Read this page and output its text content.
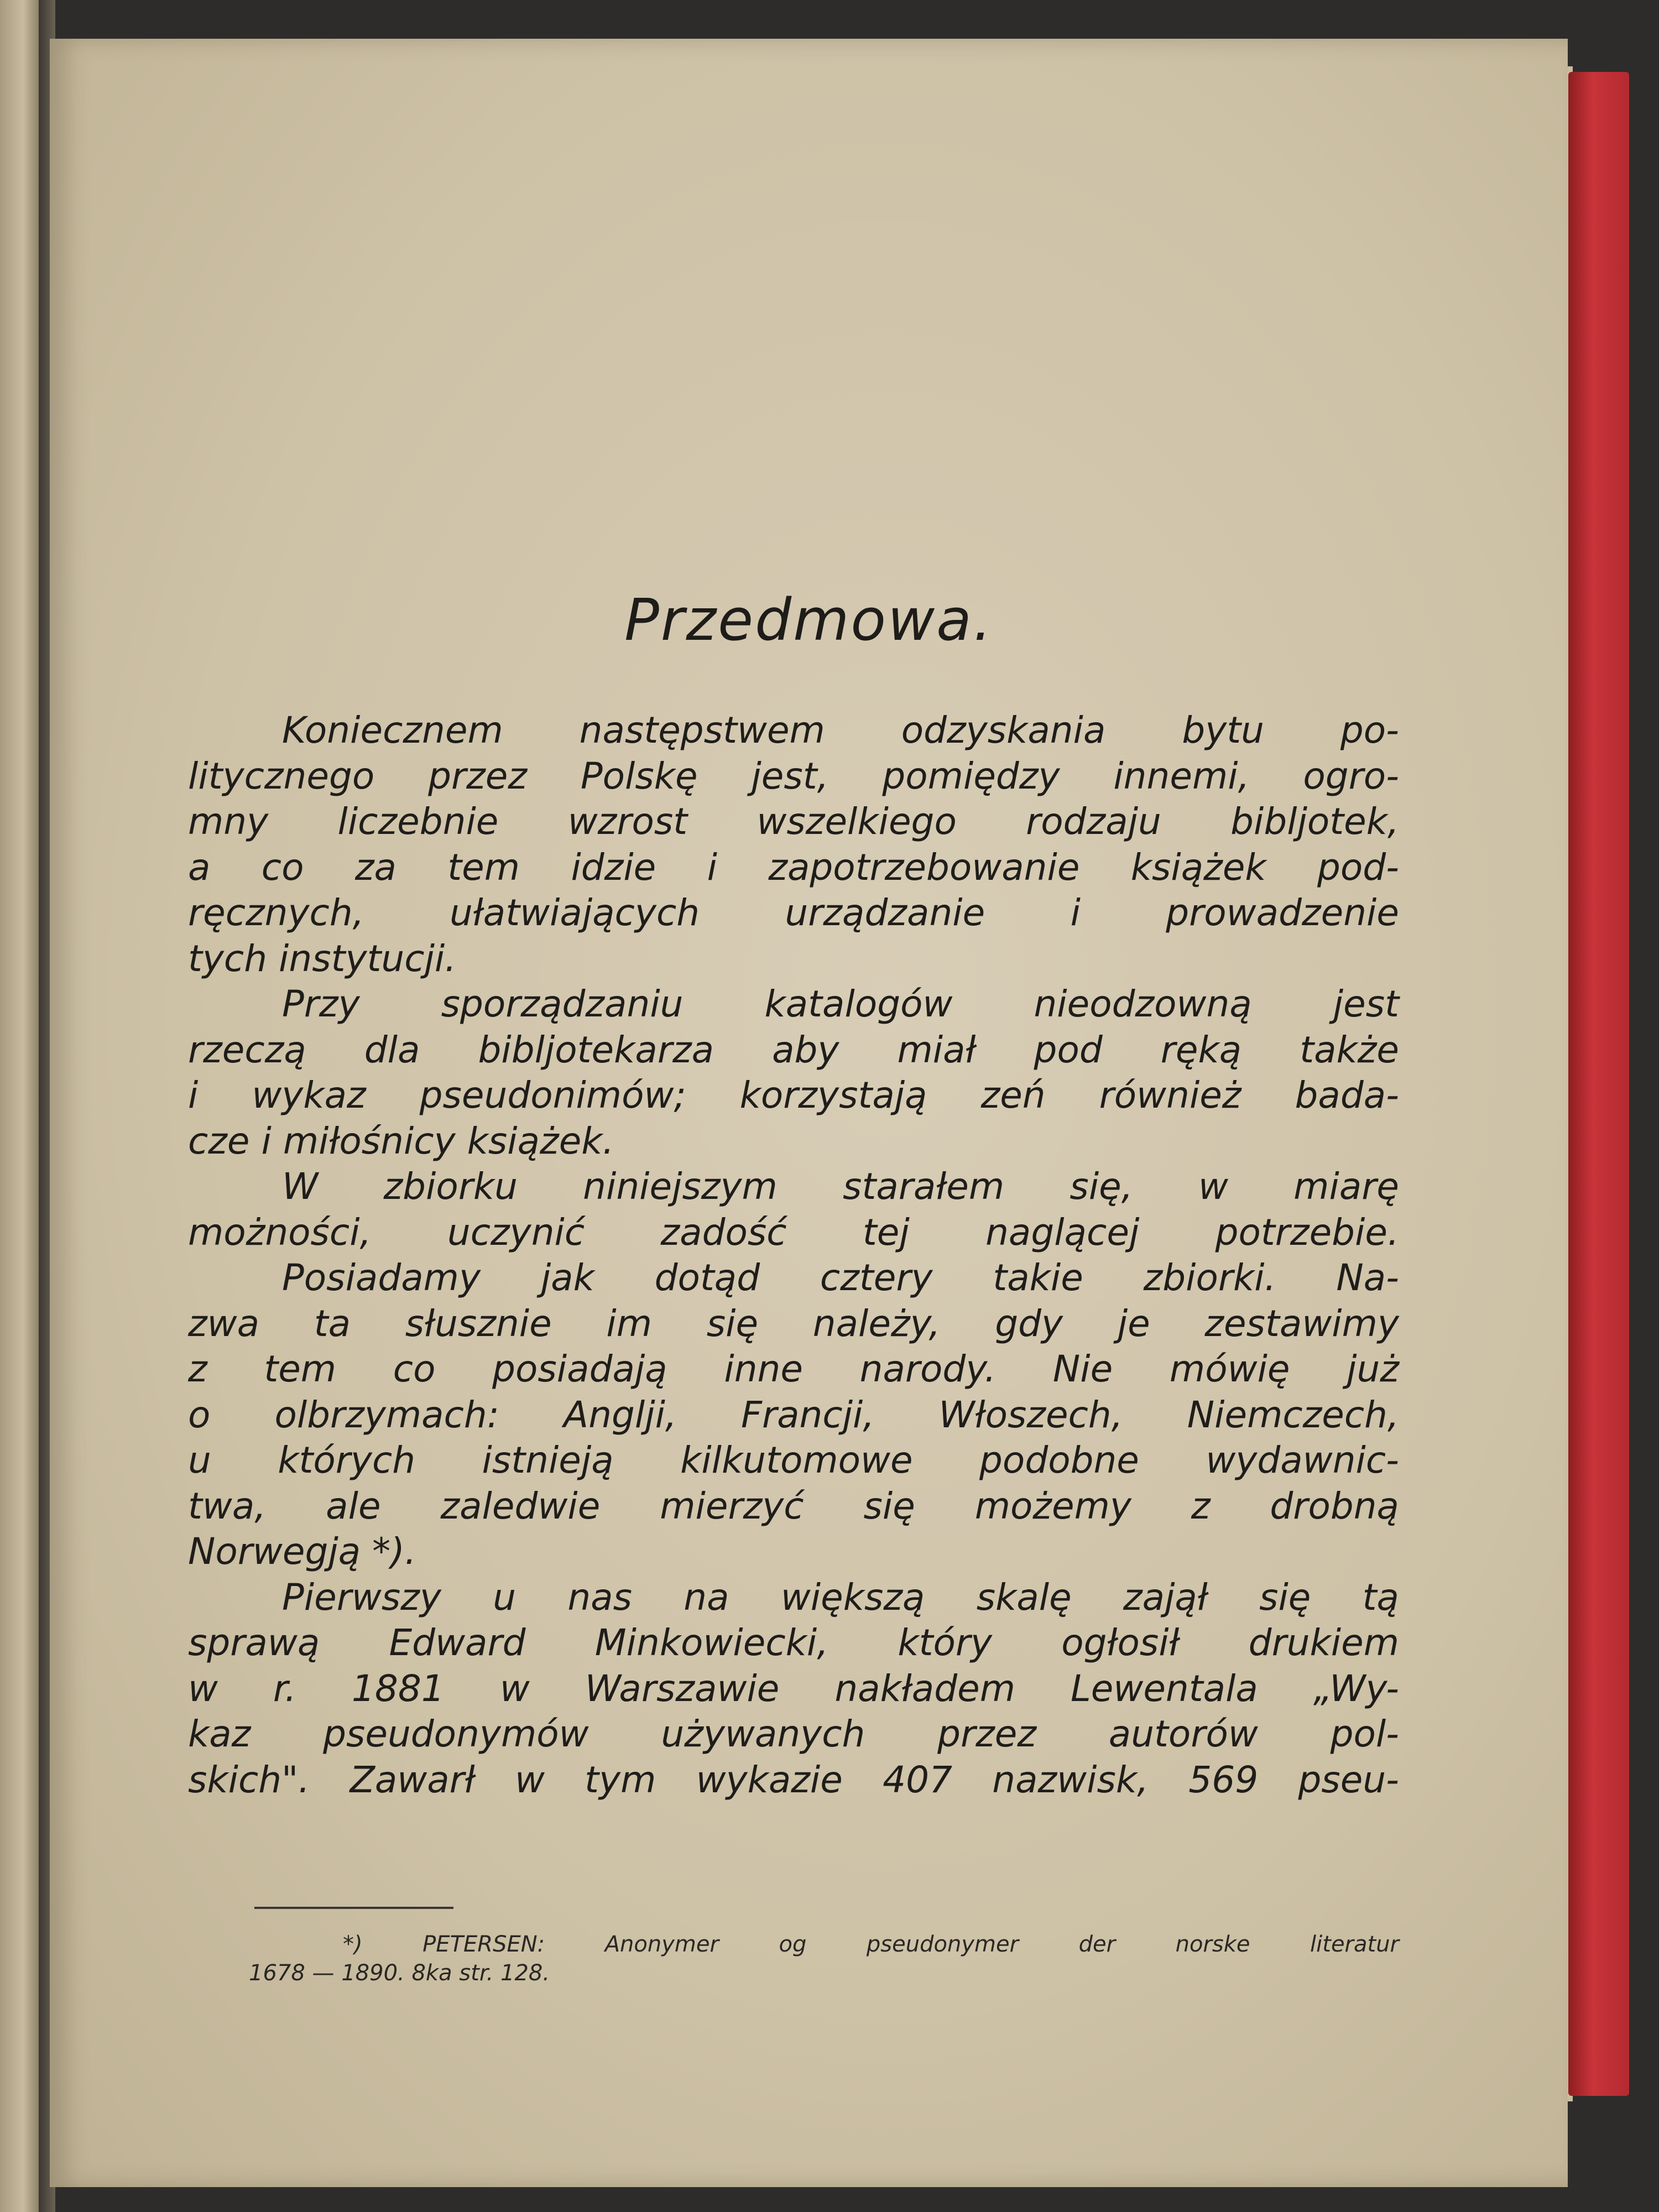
Przedmowa.
Koniecznem następstwem odzyskania bytu po-
litycznego przez Polskę jest, pomiędzy innemi, ogro-
mny liczebnie wzrost wszelkiego rodzaju bibljotek,
a co za tem idzie i zapotrzebowanie książek pod-
ręcznych, ułatwiających urządzanie i prowadzenie
tych instytucji.
Przy sporządzaniu katalogów nieodzowną jest
rzeczą dla bibljotekarza aby miał pod ręką także
i wykaz pseudonimów; korzystają zeń również bada-
cze i miłośnicy książek.
W zbiorku niniejszym starałem się, w miarę
możności, uczynić zadość tej naglącej potrzebie.
Posiadamy jak dotąd cztery takie zbiorki. Na-
zwa ta słusznie im się należy, gdy je zestawimy
z tem co posiadają inne narody. Nie mówię już
o olbrzymach: Anglji, Francji, Włoszech, Niemczech,
u których istnieją kilkutomowe podobne wydawnic-
twa, ale zaledwie mierzyć się możemy z drobną
Norwegją *).
Pierwszy u nas na większą skalę zajął się tą
sprawą Edward Minkowiecki, który ogłosił drukiem
w r. 1881 w Warszawie nakładem Lewentala „Wy-
kaz pseudonymów używanych przez autorów pol-
skich". Zawarł w tym wykazie 407 nazwisk, 569 pseu-
*) PETERSEN: Anonymer og pseudonymer der norske literatur
1678 — 1890. 8ka str. 128.
